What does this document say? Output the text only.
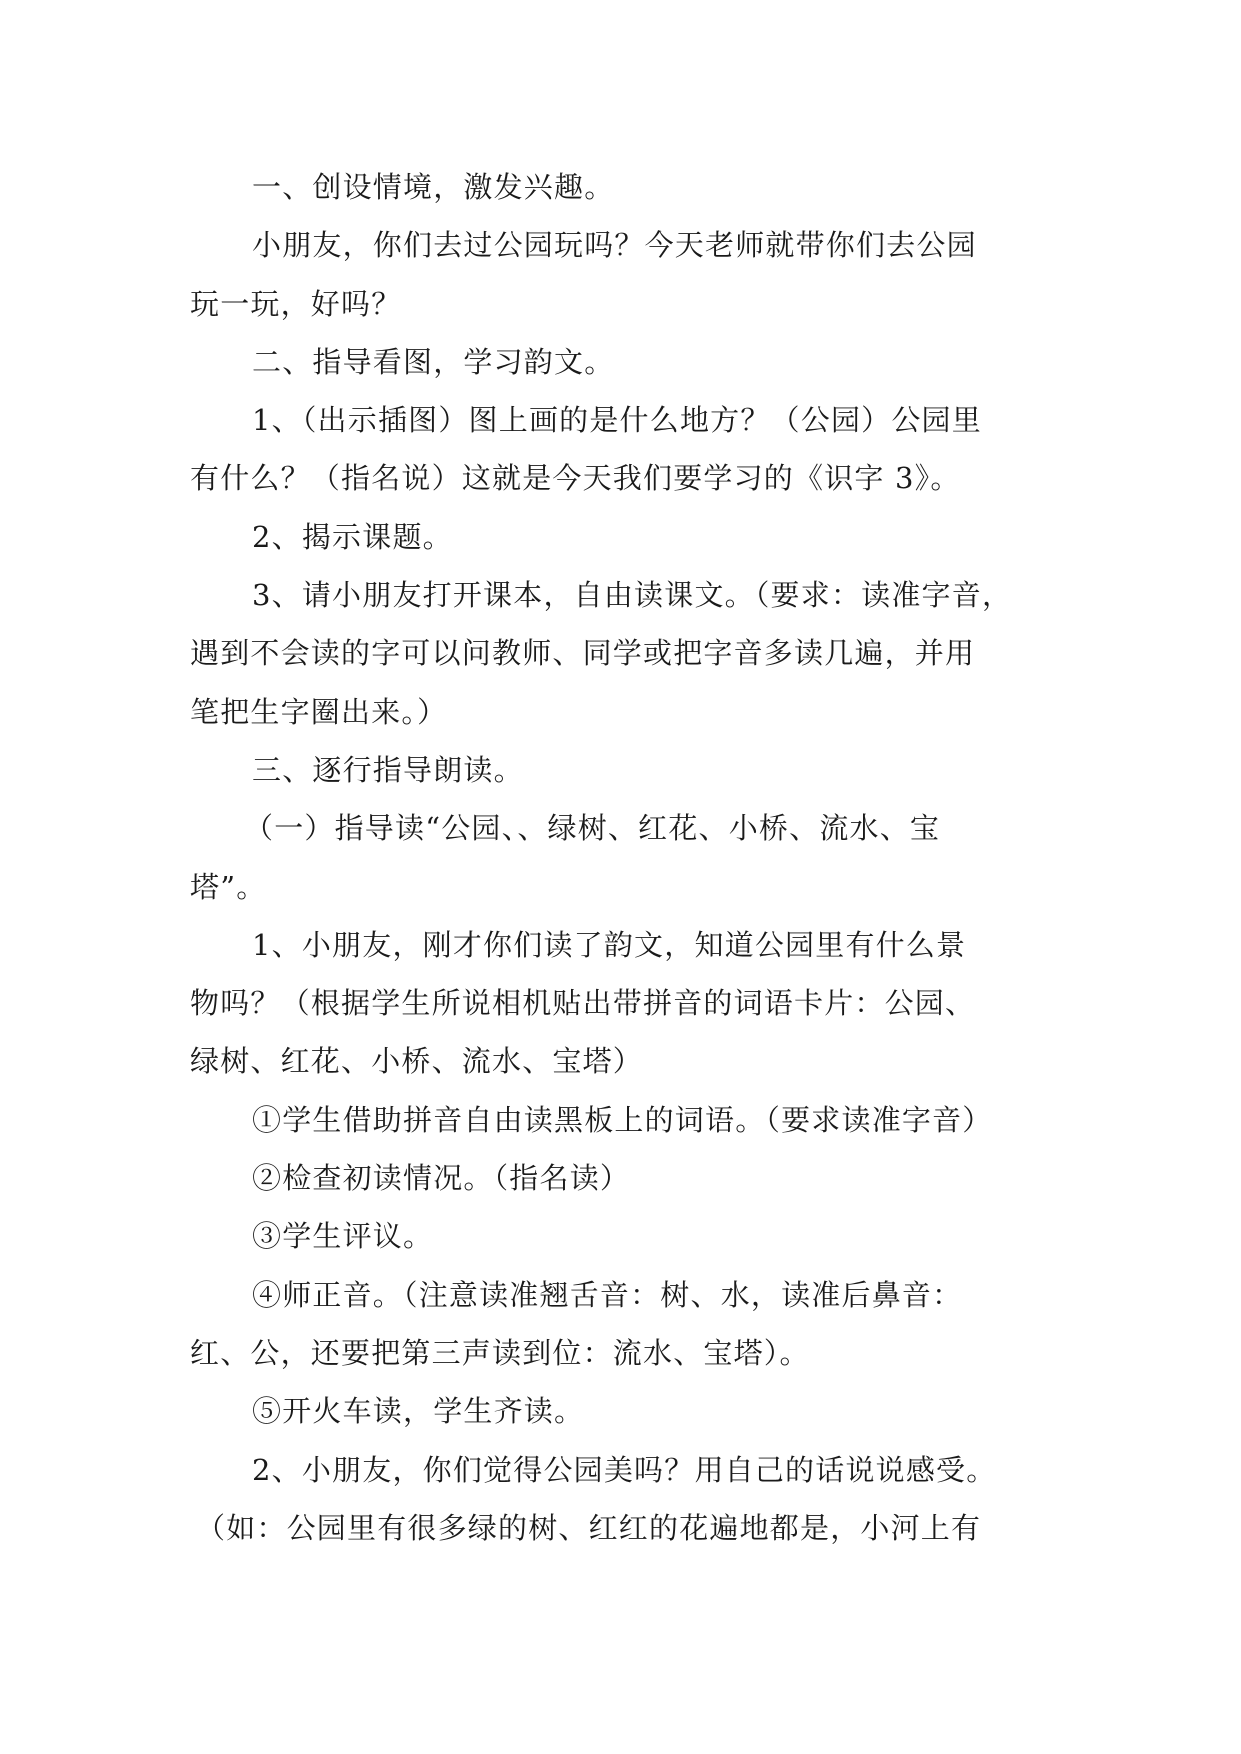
一、创设情境，激发兴趣。
小朋友，你们去过公园玩吗？今天老师就带你们去公园
玩一玩，好吗？
二、指导看图，学习韵文。
1、（出示插图）图上画的是什么地方？（公园）公园里
有什么？（指名说）这就是今天我们要学习的《识字 3》。
2、揭示课题。
3、请小朋友打开课本，自由读课文。（要求：读准字音，
遇到不会读的字可以问教师、同学或把字音多读几遍，并用
笔把生字圈出来。）
三、逐行指导朗读。
（一）指导读“公园、、绿树、红花、小桥、流水、宝
塔”。
1、小朋友，刚才你们读了韵文，知道公园里有什么景
物吗？（根据学生所说相机贴出带拼音的词语卡片：公园、
绿树、红花、小桥、流水、宝塔）
①学生借助拼音自由读黑板上的词语。（要求读准字音）
②检查初读情况。（指名读）
③学生评议。
④师正音。（注意读准翘舌音：树、水，读准后鼻音：
红、公，还要把第三声读到位：流水、宝塔）。
⑤开火车读，学生齐读。
2、小朋友，你们觉得公园美吗？用自己的话说说感受。
（如：公园里有很多绿的树、红红的花遍地都是，小河上有
